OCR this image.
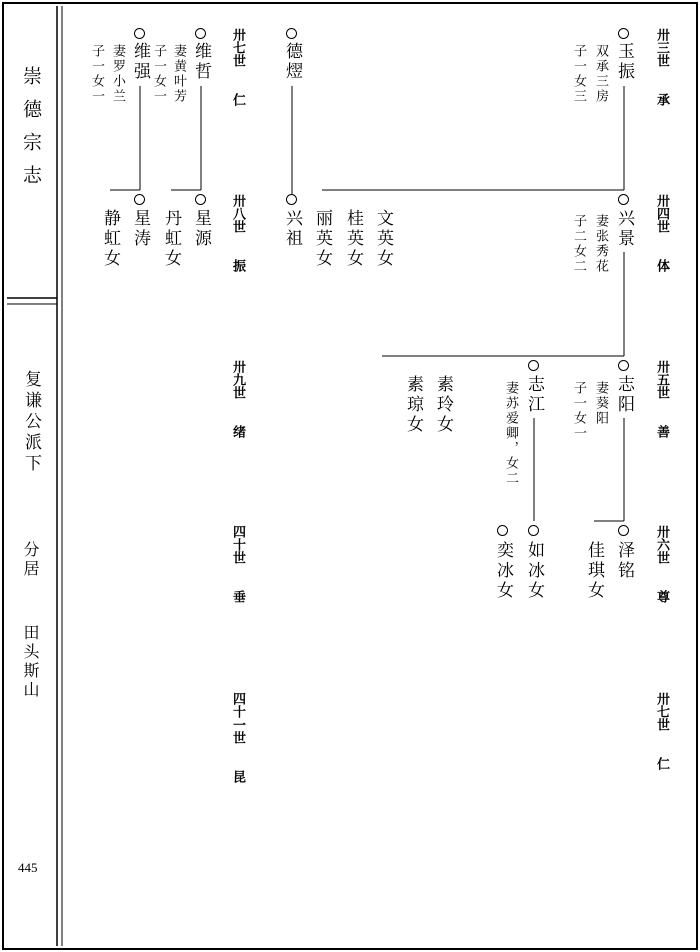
崇德宗志
复谦公派下
分居
田头斯山
445
卅三世
承
卅四世
体
卅五世
善
卅六世
尊
卅七世
仁
卅七世
仁
卅八世
振
卅九世
绪
四十世
垂
四十一世
昆
玉振
双承三房
子一女三
兴景
妻张秀花
子二女二
文英女
桂英女
丽英女
志阳
妻葵阳
子一女一
志江
妻苏爱卿，女二
素玲女
素琼女
泽铭
佳琪女
如冰女
奕冰女
德熤
兴祖
维哲
妻黄叶芳
子一女一
星源
丹虹女
维强
妻罗小兰
子一女一
星涛
静虹女
